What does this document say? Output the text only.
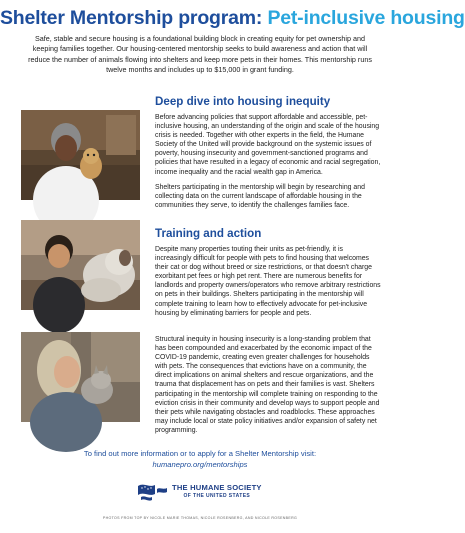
Shelter Mentorship program: Pet-inclusive housing

Safe, stable and secure housing is a foundational building block in creating equity for pet ownership and keeping families together. Our housing-centered mentorship seeks to build awareness and action that will reduce the number of animals flowing into shelters and keep more pets in their homes. This mentorship runs twelve months and includes up to $15,000 in grant funding.

Deep dive into housing inequity

Before advancing policies that support affordable and accessible, pet-inclusive housing, an understanding of the origin and scale of the housing crisis is needed. Together with other experts in the field, the Humane Society of the United will provide background on the systemic issues of poverty, housing insecurity and government-sanctioned programs and policies that have resulted in a legacy of economic and racial segregation, income inequality and the racial wealth gap in America.

Shelters participating in the mentorship will begin by researching and collecting data on the current landscape of affordable housing in the communities they serve, to identify the challenges families face.

Training and action

Despite many properties touting their units as pet-friendly, it is increasingly difficult for people with pets to find housing that welcomes their cat or dog without breed or size restrictions, or that doesn't charge exorbitant pet fees or high pet rent. There are numerous benefits for landlords and property owners/operators who remove arbitrary restrictions on pets in their buildings. Shelters participating in the mentorship will complete training to learn how to effectively advocate for pet-inclusive housing by eliminating barriers for people and pets.

Structural inequity in housing insecurity is a long-standing problem that has been compounded and exacerbated by the economic impact of the COVID-19 pandemic, creating even greater challenges for households with pets. The consequences that evictions have on a community, the direct implications on animal shelters and rescue organizations, and the trauma that displacement has on pets and their families is vast. Shelters participating in the mentorship will complete training on responding to the eviction crisis in their community and develop ways to support people and their pets while navigating obstacles and roadblocks. These approaches may include local or state policy initiatives and/or expansion of safety net programming.

To find out more information or to apply for a Shelter Mentorship visit:
humanepro.org/mentorships
THE HUMANE SOCIETY
OF THE UNITED STATES
PHOTOS FROM TOP BY NICOLE MARIE THOMAS, NICOLE ROSENBERG, AND NICOLE ROSENBERG
